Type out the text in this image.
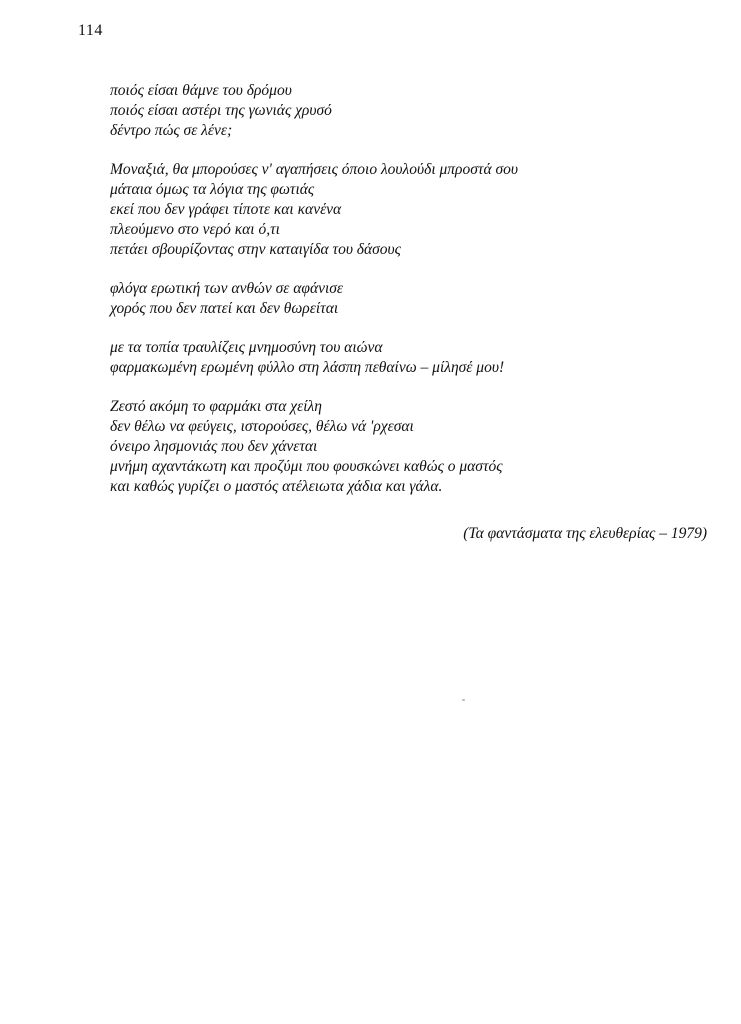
114
ποιός είσαι θάμνε του δρόμου
ποιός είσαι αστέρι της γωνιάς χρυσό
δέντρο πώς σε λένε;
Μοναξιά, θα μπορούσες ν' αγαπήσεις όποιο λουλούδι μπροστά σου
μάταια όμως τα λόγια της φωτιάς
εκεί που δεν γράφει τίποτε και κανένα
πλεούμενο στο νερό και ό,τι
πετάει σβουρίζοντας στην καταιγίδα του δάσους
φλόγα ερωτική των ανθών σε αφάνισε
χορός που δεν πατεί και δεν θωρείται
με τα τοπία τραυλίζεις μνημοσύνη του αιώνα
φαρμακωμένη ερωμένη φύλλο στη λάσπη πεθαίνω – μίλησέ μου!
Ζεστό ακόμη το φαρμάκι στα χείλη
δεν θέλω να φεύγεις, ιστορούσες, θέλω νά 'ρχεσαι
όνειρο λησμονιάς που δεν χάνεται
μνήμη αχαντάκωτη και προζύμι που φουσκώνει καθώς ο μαστός
και καθώς γυρίζει ο μαστός ατέλειωτα χάδια και γάλα.
(Τα φαντάσματα της ελευθερίας – 1979)
